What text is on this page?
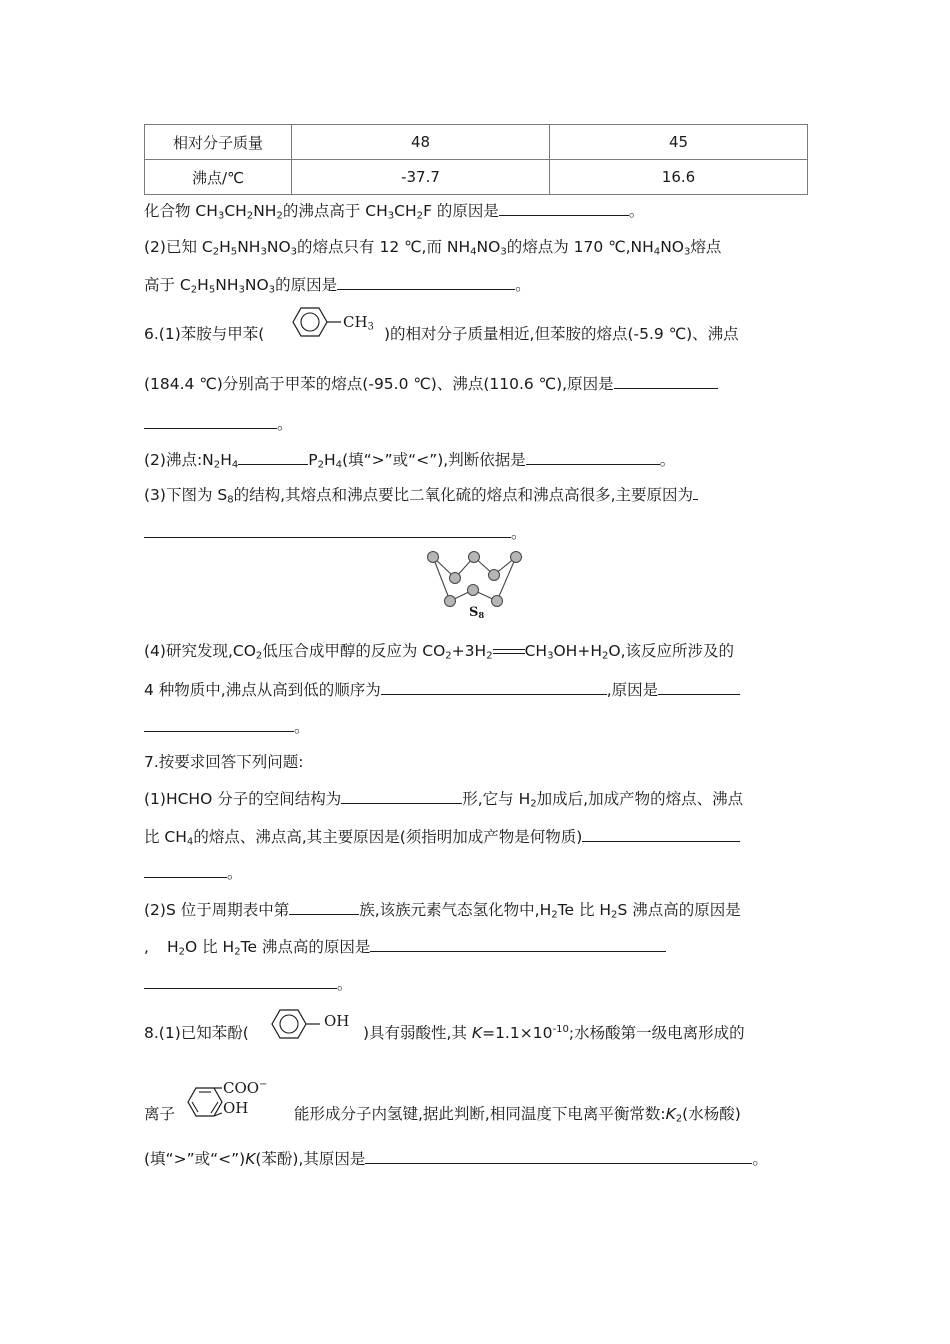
相对分子质量	48	45
沸点/℃	-37.7	16.6
化合物 $CH_3CH_2NH_2$的沸点高于 $CH_3CH_2F$ 的原因是	。
(2)已知 $C_2H_5NH_3NO_3$的熔点只有 12 ℃,而 $NH_4NO_3$的熔点为 170 $℃,NH_4NO_3$熔点
高于 $C_2H_5NH_3NO_3$的原因是	。
6.(1)苯胺与甲苯(
$CH_3$ )的相对分子质量相近,但苯胺的熔点(-5.9 ℃)、沸点
(184.4 ℃)分别高于甲苯的熔点(-95.0 ℃)、沸点(110.6 ℃),原因是
。
(2)沸点$:N_2H_4$	$P_2H_4$(填“>”或“<”),判断依据是	。
(3)下图为 $S_8$的结构,其熔点和沸点要比二氧化硫的熔点和沸点高很多,主要原因为
。
$S_8$
(4)研究发现$,CO_2$低压合成甲醇的反应为 $CO_2+3H_2$ $CH_3OH+H_2O$,该反应所涉及的
4 种物质中,沸点从高到低的顺序为	,原因是
。
7.按要求回答下列问题:
(1)HCHO 分子的空间结构为	形,它与 $H_2$加成后,加成产物的熔点、沸点
比 $CH_4$的熔点、沸点高,其主要原因是(须指明加成产物是何物质)
。
(2)S 位于周期表中第	族,该族元素气态氢化物中$,H_2Te$ 比 $H_2S$ 沸点高的原因是
, $H_2O$ 比 $H_2Te$ 沸点高的原因是
。
8.(1)已知苯酚(
OH
)具有弱酸性,其 $K=1.1\times 10^{-10}$;水杨酸第一级电离形成的
离子
COO−
OH	能形成分子内氢键,据此判断,相同温度下电离平衡常数$:K_2$(水杨酸)
(填“>”或“<”)K(苯酚),其原因是	。
